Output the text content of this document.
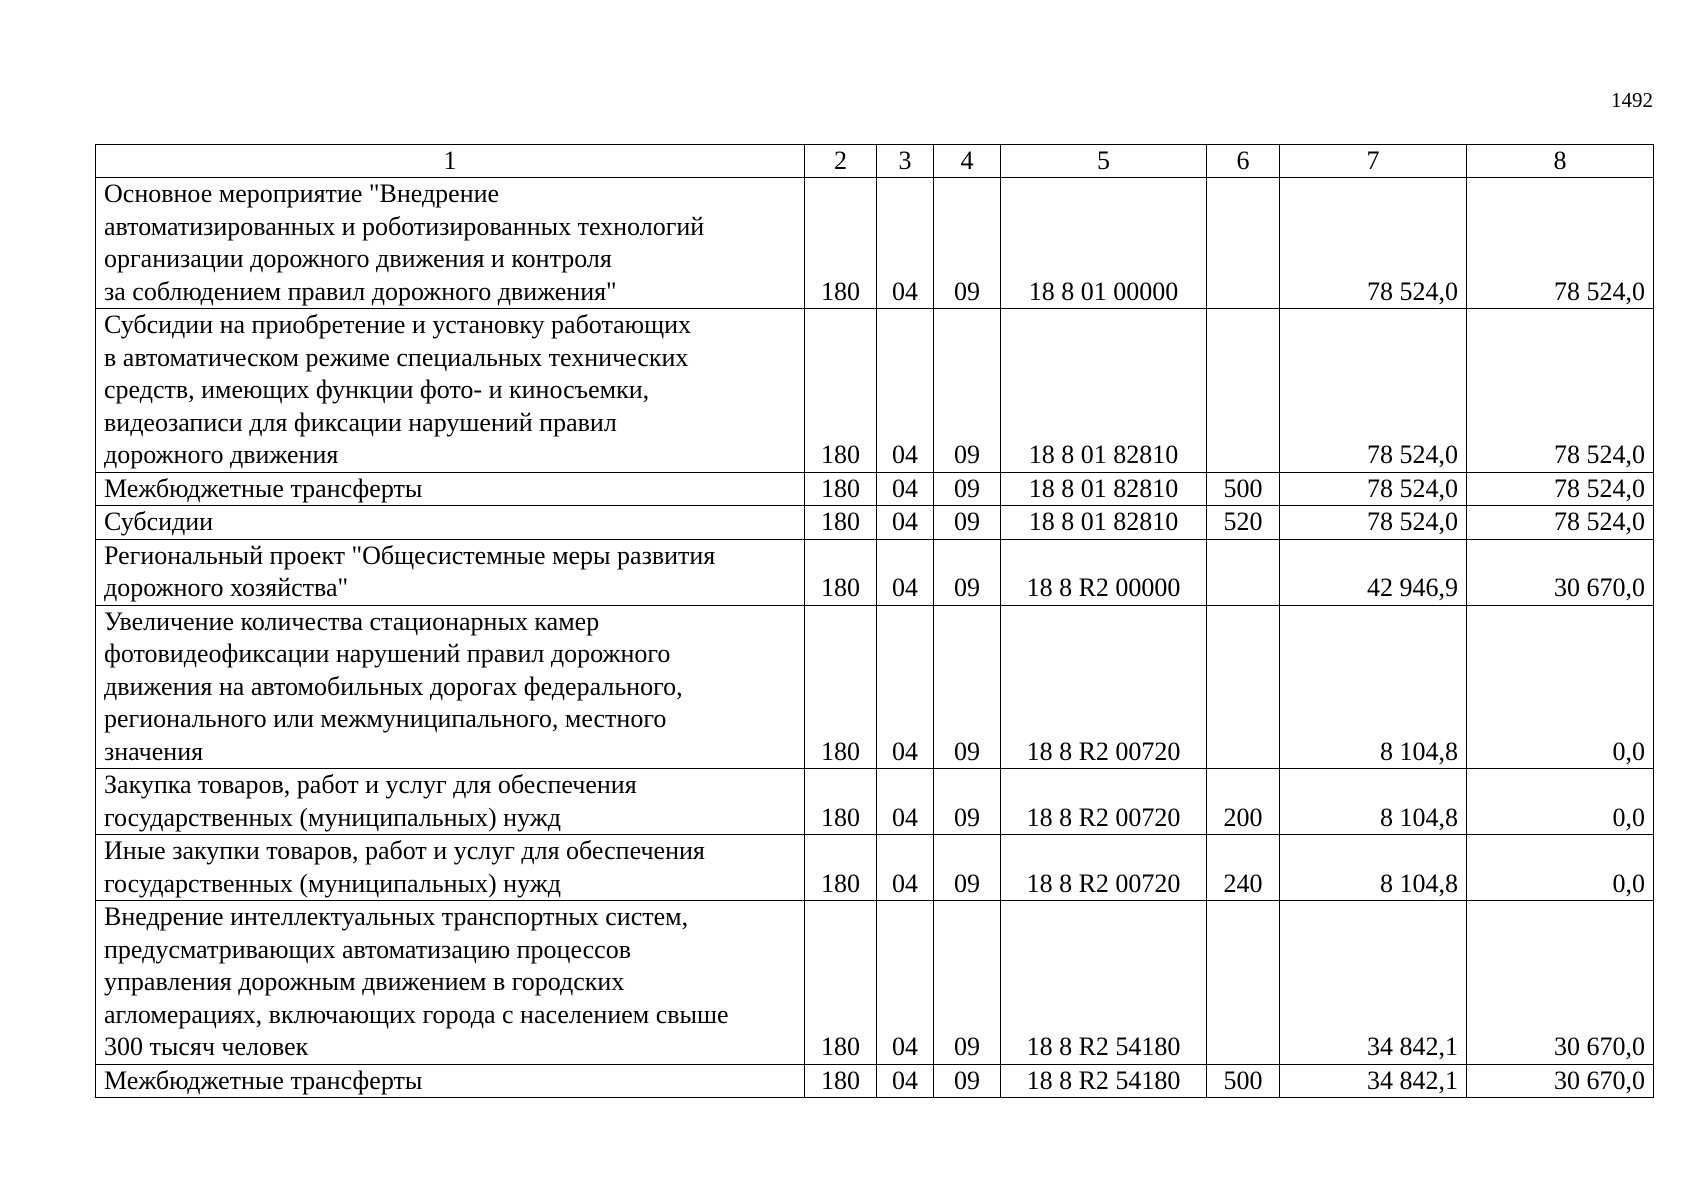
1492
1	2	3	4	5	6	7	8
Основное мероприятие "Внедрение
автоматизированных и роботизированных технологий
организации дорожного движения и контроля
за соблюдением правил дорожного движения"	180	04	09	18 8 01 00000		78 524,0	78 524,0
Субсидии на приобретение и установку работающих
в автоматическом режиме специальных технических
средств, имеющих функции фото- и киносъемки,
видеозаписи для фиксации нарушений правил
дорожного движения	180	04	09	18 8 01 82810		78 524,0	78 524,0
Межбюджетные трансферты	180	04	09	18 8 01 82810	500	78 524,0	78 524,0
Субсидии	180	04	09	18 8 01 82810	520	78 524,0	78 524,0
Региональный проект "Общесистемные меры развития
дорожного хозяйства"	180	04	09	18 8 R2 00000		42 946,9	30 670,0
Увеличение количества стационарных камер
фотовидеофиксации нарушений правил дорожного
движения на автомобильных дорогах федерального,
регионального или межмуниципального, местного
значения	180	04	09	18 8 R2 00720		8 104,8	0,0
Закупка товаров, работ и услуг для обеспечения
государственных (муниципальных) нужд	180	04	09	18 8 R2 00720	200	8 104,8	0,0
Иные закупки товаров, работ и услуг для обеспечения
государственных (муниципальных) нужд	180	04	09	18 8 R2 00720	240	8 104,8	0,0
Внедрение интеллектуальных транспортных систем,
предусматривающих автоматизацию процессов
управления дорожным движением в городских
агломерациях, включающих города с населением свыше
300 тысяч человек	180	04	09	18 8 R2 54180		34 842,1	30 670,0
Межбюджетные трансферты	180	04	09	18 8 R2 54180	500	34 842,1	30 670,0
